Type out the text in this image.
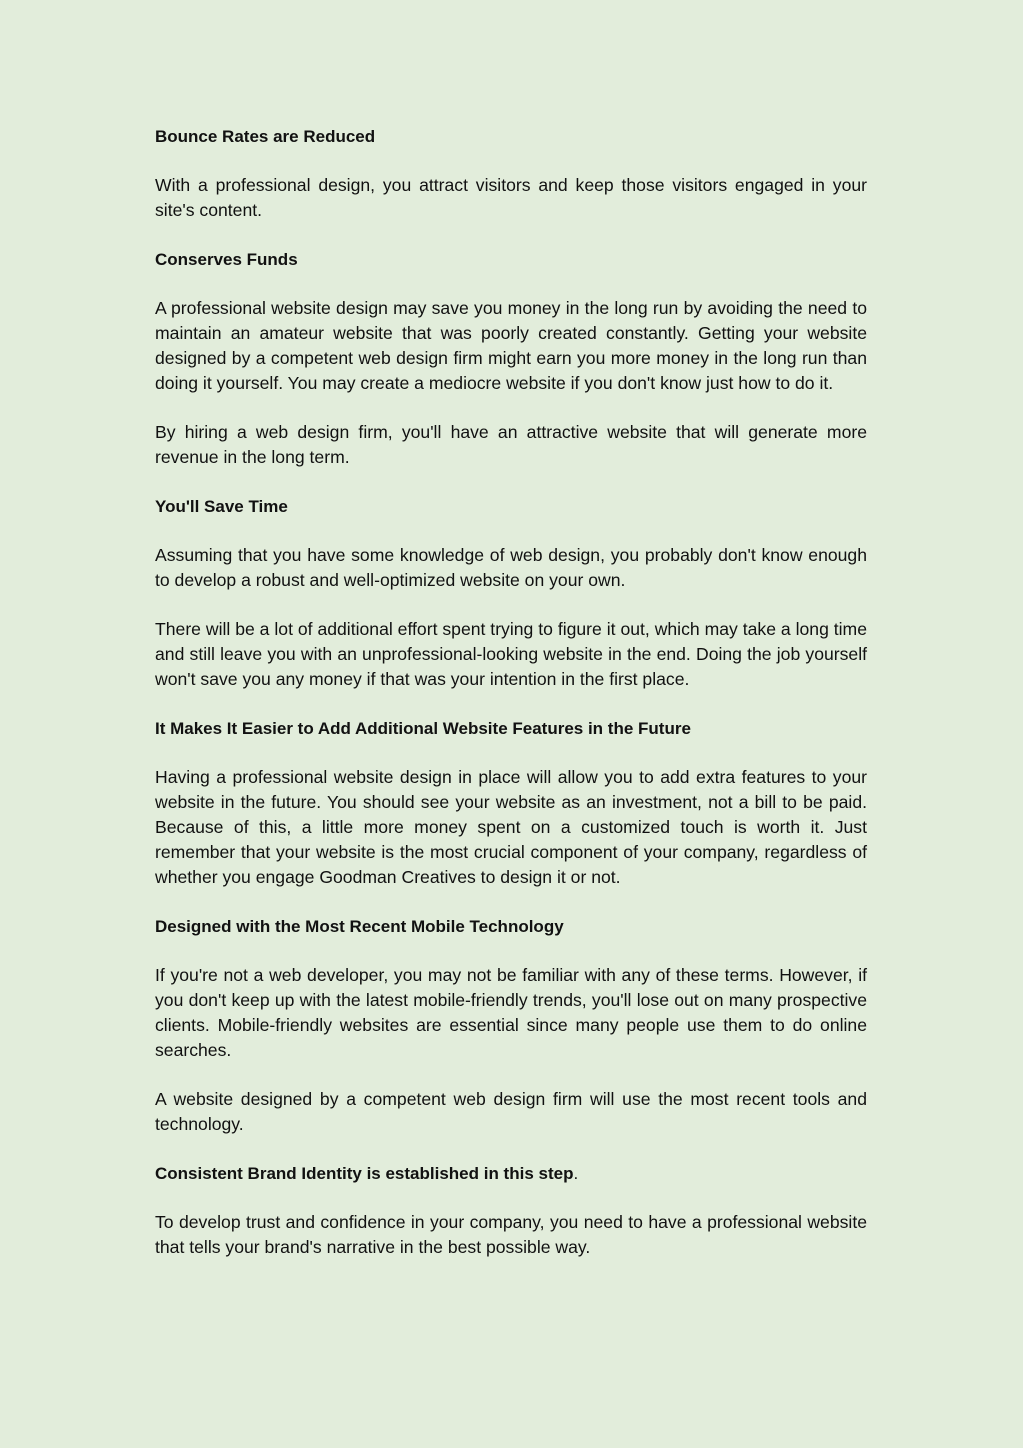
Bounce Rates are Reduced

With a professional design, you attract visitors and keep those visitors engaged in your site's content.

Conserves Funds

A professional website design may save you money in the long run by avoiding the need to maintain an amateur website that was poorly created constantly. Getting your website designed by a competent web design firm might earn you more money in the long run than doing it yourself. You may create a mediocre website if you don't know just how to do it.

By hiring a web design firm, you'll have an attractive website that will generate more revenue in the long term.

You'll Save Time

Assuming that you have some knowledge of web design, you probably don't know enough to develop a robust and well-optimized website on your own.

There will be a lot of additional effort spent trying to figure it out, which may take a long time and still leave you with an unprofessional-looking website in the end. Doing the job yourself won't save you any money if that was your intention in the first place.

It Makes It Easier to Add Additional Website Features in the Future

Having a professional website design in place will allow you to add extra features to your website in the future. You should see your website as an investment, not a bill to be paid. Because of this, a little more money spent on a customized touch is worth it. Just remember that your website is the most crucial component of your company, regardless of whether you engage Goodman Creatives to design it or not.

Designed with the Most Recent Mobile Technology

If you're not a web developer, you may not be familiar with any of these terms. However, if you don't keep up with the latest mobile-friendly trends, you'll lose out on many prospective clients. Mobile-friendly websites are essential since many people use them to do online searches.

A website designed by a competent web design firm will use the most recent tools and technology.

Consistent Brand Identity is established in this step.

To develop trust and confidence in your company, you need to have a professional website that tells your brand's narrative in the best possible way.
